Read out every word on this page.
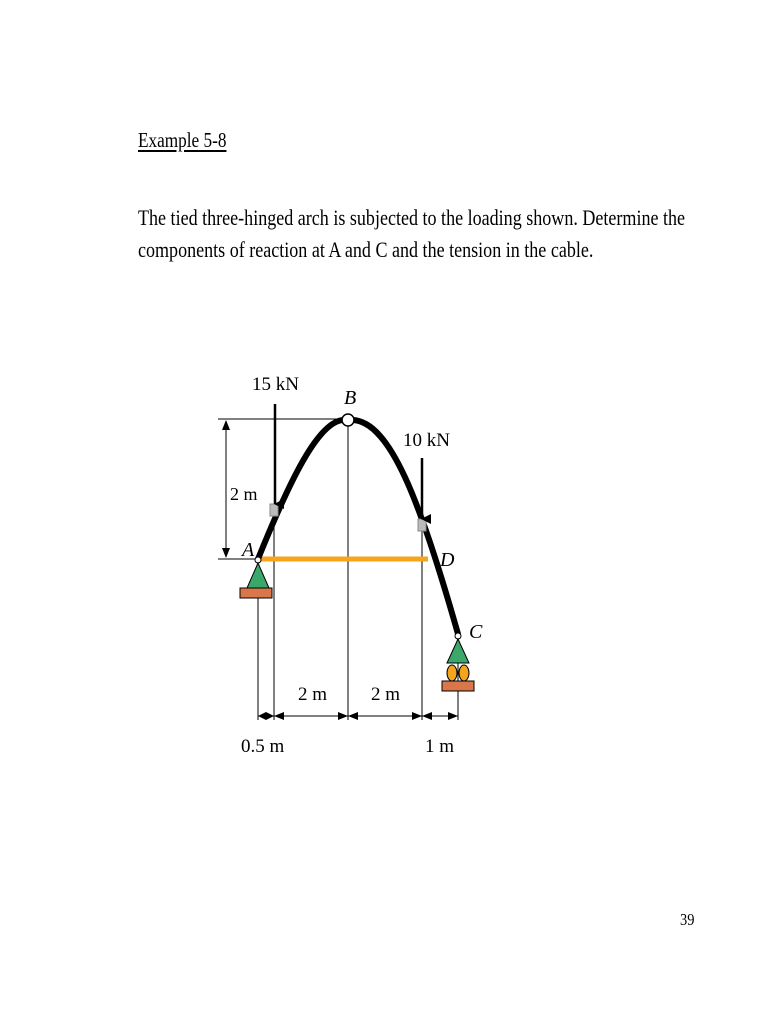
Example 5-8
The tied three-hinged arch is subjected to the loading shown. Determine the
components of reaction at A and C and the tension in the cable.
2 m
15 kN
10 kN
B
A	D
C
2 m 2 m
0.5 m	1 m
39
